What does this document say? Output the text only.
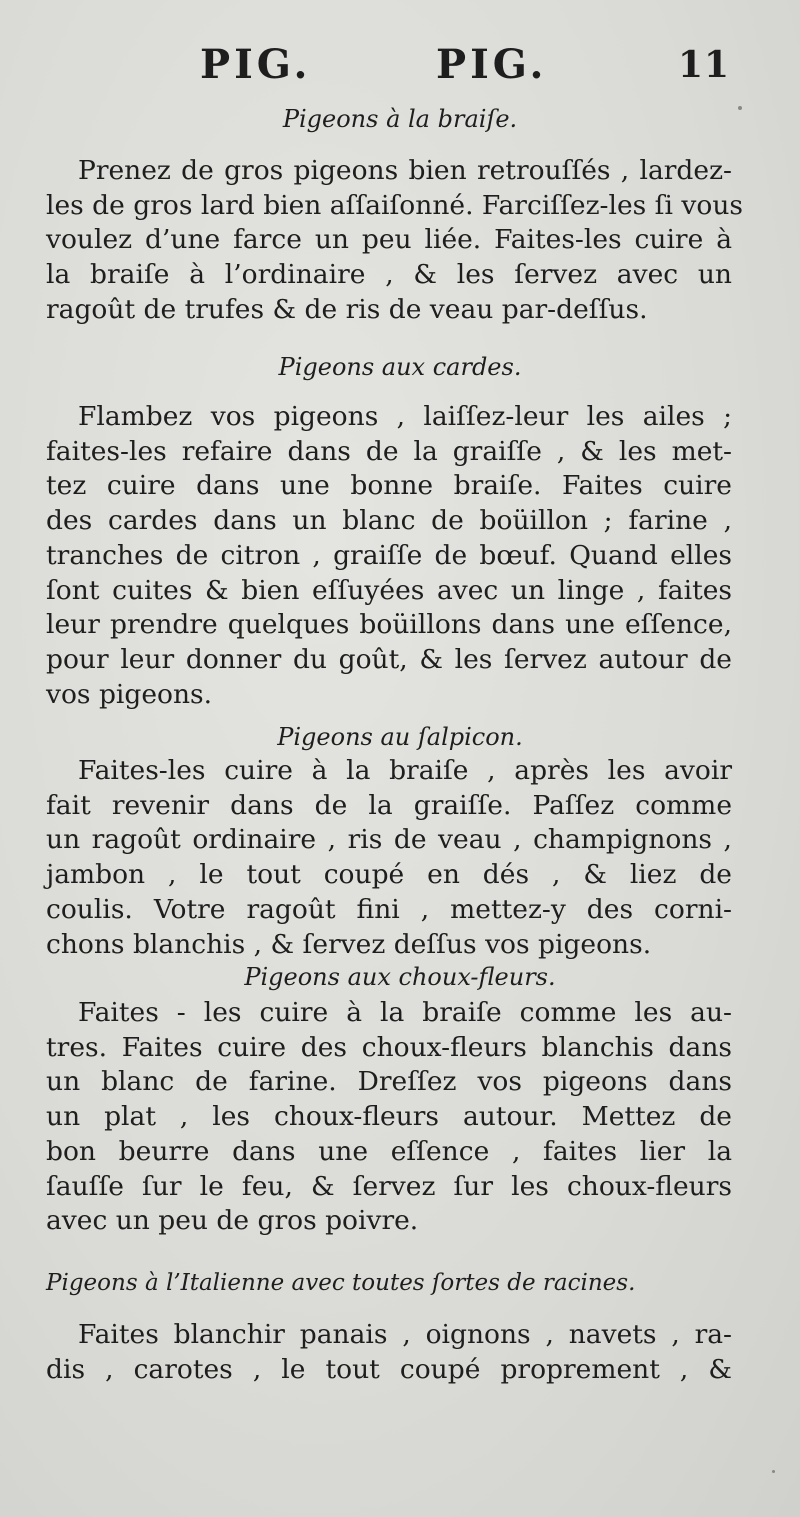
PIG.	PIG.	11
Pigeons à la braiſe.
Prenez de gros pigeons bien retrouſſés , lardez-
les de gros lard bien aſſaiſonné. Farciſſez-les ſi vous
voulez d’une farce un peu liée. Faites-les cuire à
la braiſe à l’ordinaire , & les ſervez avec un
ragoût de trufes & de ris de veau par-deſſus.
Pigeons aux cardes.
Flambez vos pigeons , laiſſez-leur les ailes ;
faites-les refaire dans de la graiſſe , & les met-
tez cuire dans une bonne braiſe. Faites cuire
des cardes dans un blanc de boüillon ; farine ,
tranches de citron , graiſſe de bœuf. Quand elles
ſont cuites & bien eſſuyées avec un linge , faites
leur prendre quelques boüillons dans une eſſence,
pour leur donner du goût, & les ſervez autour de
vos pigeons.
Pigeons au ſalpicon.
Faites-les cuire à la braiſe , après les avoir
fait revenir dans de la graiſſe. Paſſez comme
un ragoût ordinaire , ris de veau , champignons ,
jambon , le tout coupé en dés , & liez de
coulis. Votre ragoût fini , mettez-y des corni-
chons blanchis , & ſervez deſſus vos pigeons.
Pigeons aux choux-fleurs.
Faites - les cuire à la braiſe comme les au-
tres. Faites cuire des choux-fleurs blanchis dans
un blanc de farine. Dreſſez vos pigeons dans
un plat , les choux-fleurs autour. Mettez de
bon beurre dans une eſſence , faites lier la
ſauſſe ſur le feu, & ſervez ſur les choux-fleurs
avec un peu de gros poivre.
Pigeons à l’Italienne avec toutes ſortes de racines.
Faites blanchir panais , oignons , navets , ra-
dis , carotes , le tout coupé proprement , &
